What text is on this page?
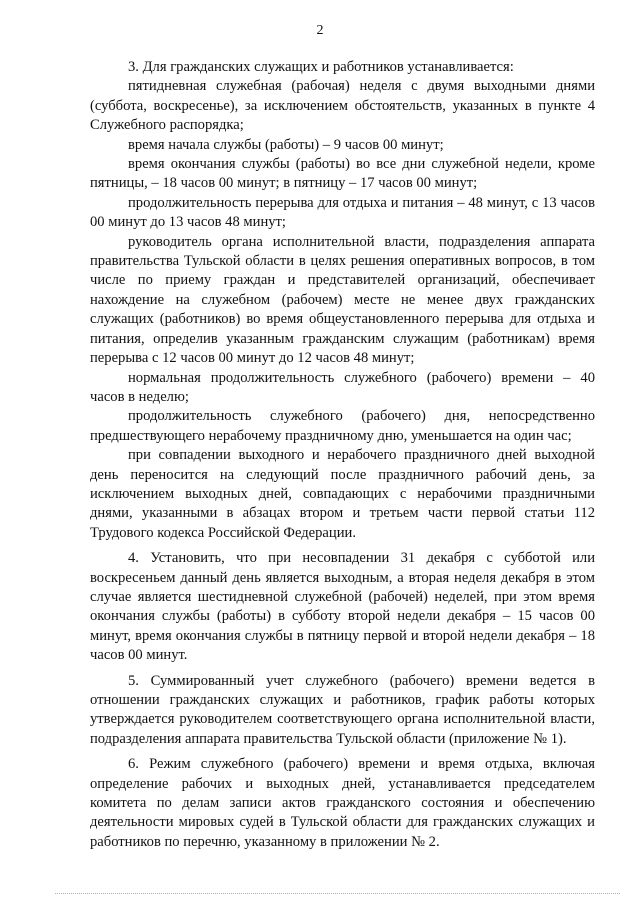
2

3. Для гражданских служащих и работников устанавливается:

пятидневная служебная (рабочая) неделя с двумя выходными днями (суббота, воскресенье), за исключением обстоятельств, указанных в пункте 4 Служебного распорядка;

время начала службы (работы) – 9 часов 00 минут;

время окончания службы (работы) во все дни служебной недели, кроме пятницы, – 18 часов 00 минут; в пятницу – 17 часов 00 минут;

продолжительность перерыва для отдыха и питания – 48 минут, с 13 часов 00 минут до 13 часов 48 минут;

руководитель органа исполнительной власти, подразделения аппарата правительства Тульской области в целях решения оперативных вопросов, в том числе по приему граждан и представителей организаций, обеспечивает нахождение на служебном (рабочем) месте не менее двух гражданских служащих (работников) во время общеустановленного перерыва для отдыха и питания, определив указанным гражданским служащим (работникам) время перерыва с 12 часов 00 минут до 12 часов 48 минут;

нормальная продолжительность служебного (рабочего) времени – 40 часов в неделю;

продолжительность служебного (рабочего) дня, непосредственно предшествующего нерабочему праздничному дню, уменьшается на один час;

при совпадении выходного и нерабочего праздничного дней выходной день переносится на следующий после праздничного рабочий день, за исключением выходных дней, совпадающих с нерабочими праздничными днями, указанными в абзацах втором и третьем части первой статьи 112 Трудового кодекса Российской Федерации.

4. Установить, что при несовпадении 31 декабря с субботой или воскресеньем данный день является выходным, а вторая неделя декабря в этом случае является шестидневной служебной (рабочей) неделей, при этом время окончания службы (работы) в субботу второй недели декабря – 15 часов 00 минут, время окончания службы в пятницу первой и второй недели декабря – 18 часов 00 минут.

5. Суммированный учет служебного (рабочего) времени ведется в отношении гражданских служащих и работников, график работы которых утверждается руководителем соответствующего органа исполнительной власти, подразделения аппарата правительства Тульской области (приложение № 1).

6. Режим служебного (рабочего) времени и время отдыха, включая определение рабочих и выходных дней, устанавливается председателем комитета по делам записи актов гражданского состояния и обеспечению деятельности мировых судей в Тульской области для гражданских служащих и работников по перечню, указанному в приложении № 2.
